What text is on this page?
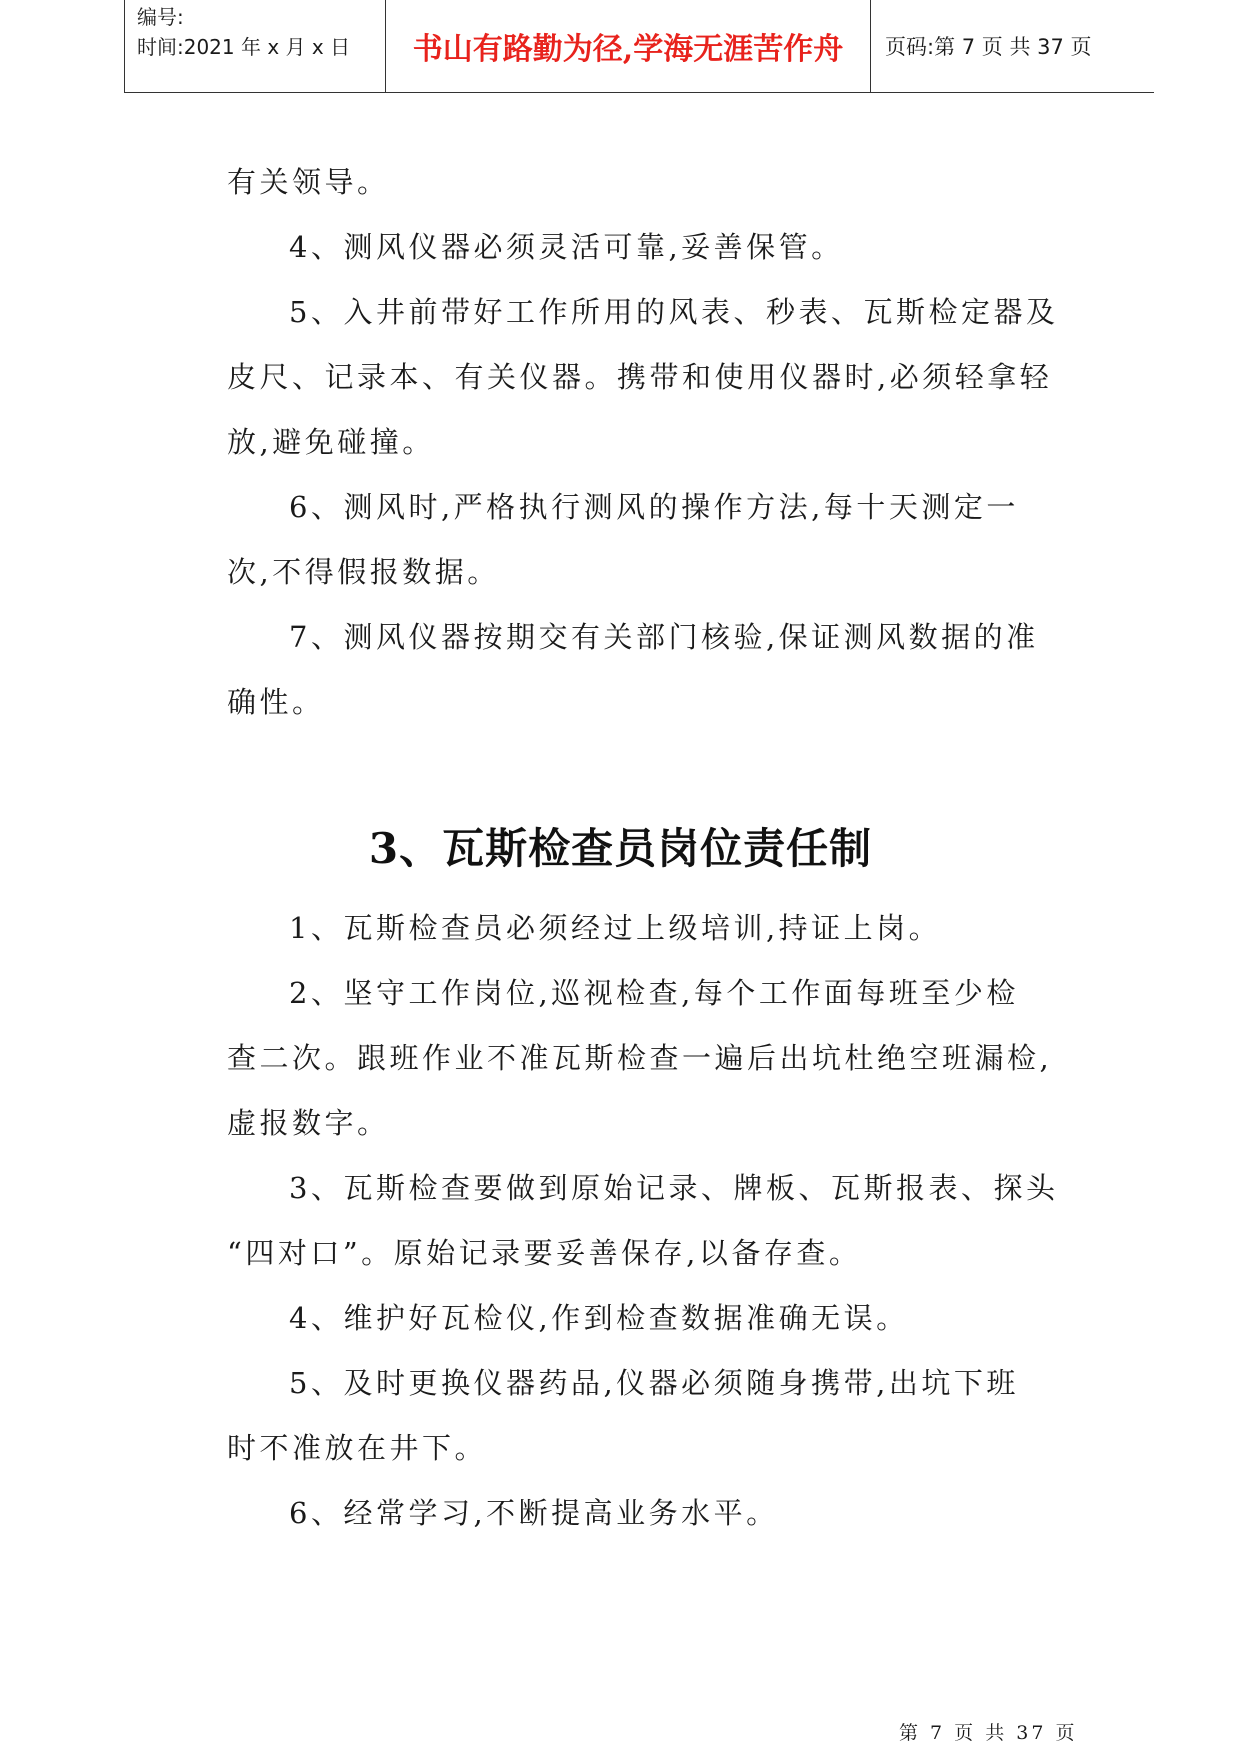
编号:
时间:2021 年 x 月 x 日	书山有路勤为径,学海无涯苦作舟	页码:第 7 页 共 37 页

有关领导。

4、测风仪器必须灵活可靠,妥善保管。

5、入井前带好工作所用的风表、秒表、瓦斯检定器及

皮尺、记录本、有关仪器。携带和使用仪器时,必须轻拿轻

放,避免碰撞。

6、测风时,严格执行测风的操作方法,每十天测定一

次,不得假报数据。

7、测风仪器按期交有关部门核验,保证测风数据的准

确性。

3、瓦斯检查员岗位责任制

1、瓦斯检查员必须经过上级培训,持证上岗。

2、坚守工作岗位,巡视检查,每个工作面每班至少检

查二次。跟班作业不准瓦斯检查一遍后出坑杜绝空班漏检,

虚报数字。

3、瓦斯检查要做到原始记录、牌板、瓦斯报表、探头

“四对口”。原始记录要妥善保存,以备存查。

4、维护好瓦检仪,作到检查数据准确无误。

5、及时更换仪器药品,仪器必须随身携带,出坑下班

时不准放在井下。

6、经常学习,不断提高业务水平。

第 7 页 共 37 页
